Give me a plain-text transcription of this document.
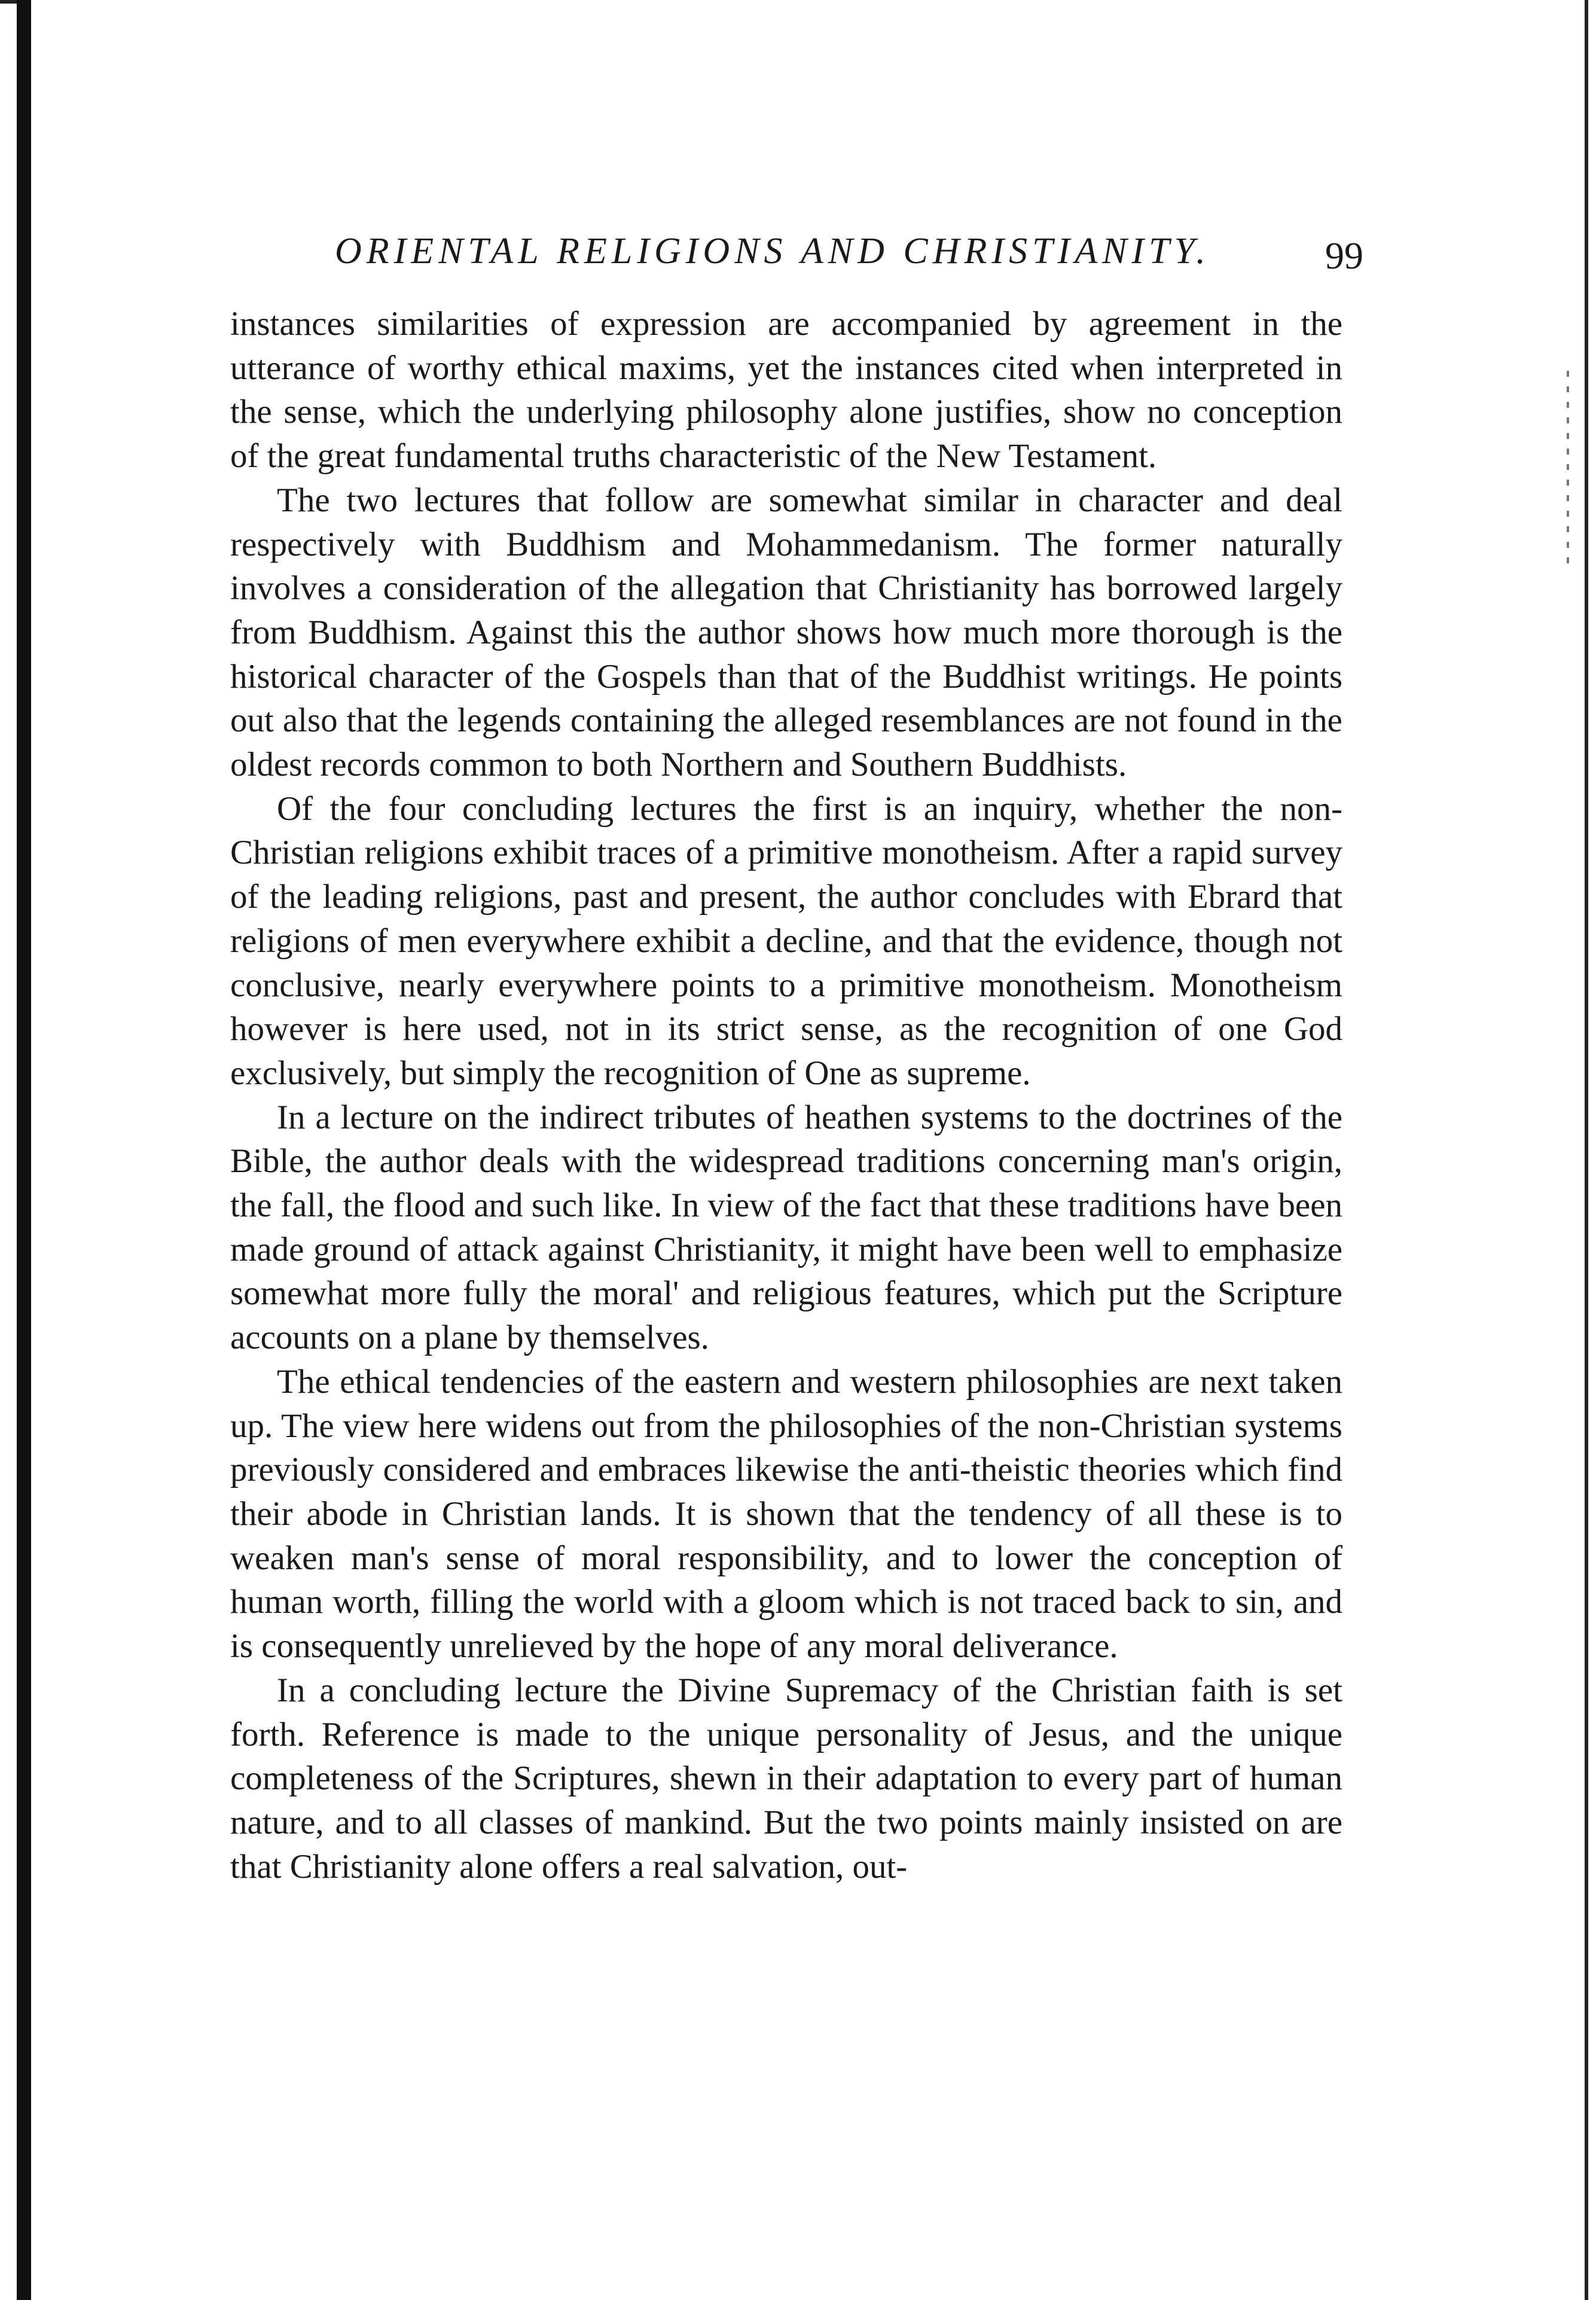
ORIENTAL RELIGIONS AND CHRISTIANITY.	99

instances similarities of expression are accompanied by agreement in the utterance of worthy ethical maxims, yet the instances cited when interpreted in the sense, which the underlying philosophy alone justifies, show no conception of the great fundamental truths characteristic of the New Testament.

The two lectures that follow are somewhat similar in character and deal respectively with Buddhism and Mohammedanism. The former naturally involves a consideration of the allegation that Christianity has borrowed largely from Buddhism. Against this the author shows how much more thorough is the historical character of the Gospels than that of the Buddhist writings. He points out also that the legends containing the alleged resemblances are not found in the oldest records common to both Northern and Southern Buddhists.

Of the four concluding lectures the first is an inquiry, whether the non-Christian religions exhibit traces of a primitive monotheism. After a rapid survey of the leading religions, past and present, the author concludes with Ebrard that religions of men everywhere exhibit a decline, and that the evidence, though not conclusive, nearly everywhere points to a primitive monotheism. Monotheism however is here used, not in its strict sense, as the recognition of one God exclusively, but simply the recognition of One as supreme.

In a lecture on the indirect tributes of heathen systems to the doctrines of the Bible, the author deals with the widespread traditions concerning man's origin, the fall, the flood and such like. In view of the fact that these traditions have been made ground of attack against Christianity, it might have been well to emphasize somewhat more fully the moral' and religious features, which put the Scripture accounts on a plane by themselves.

The ethical tendencies of the eastern and western philosophies are next taken up. The view here widens out from the philosophies of the non-Christian systems previously considered and embraces likewise the anti-theistic theories which find their abode in Christian lands. It is shown that the tendency of all these is to weaken man's sense of moral responsibility, and to lower the conception of human worth, filling the world with a gloom which is not traced back to sin, and is consequently unrelieved by the hope of any moral deliverance.

In a concluding lecture the Divine Supremacy of the Christian faith is set forth. Reference is made to the unique personality of Jesus, and the unique completeness of the Scriptures, shewn in their adaptation to every part of human nature, and to all classes of mankind. But the two points mainly insisted on are that Christianity alone offers a real salvation, out-
